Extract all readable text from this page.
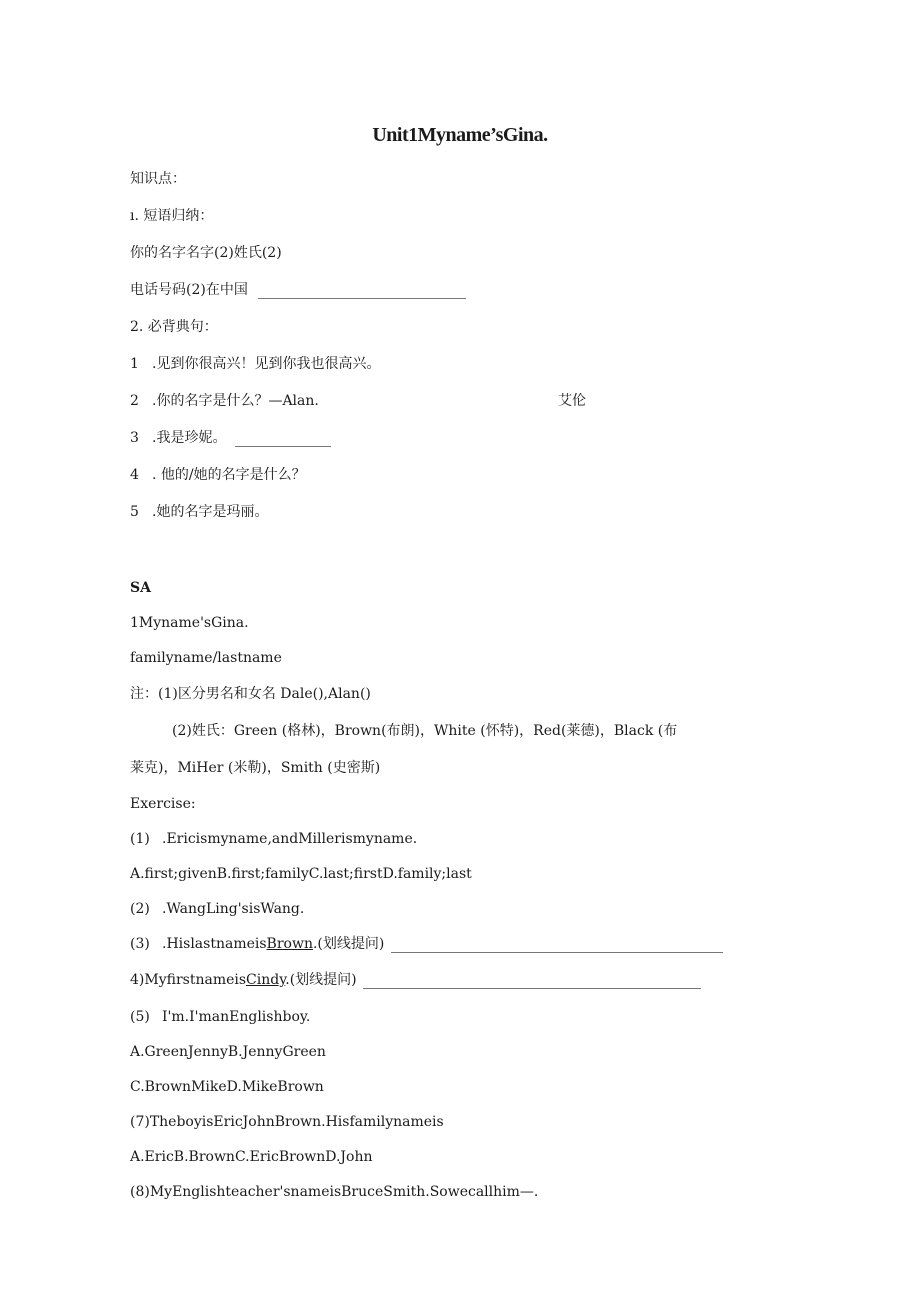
Unit1Myname’sGina.
知识点：
ı. 短语归纳：
你的名字名字(2)姓氏(2)
电话号码(2)在中国
2. 必背典句：
1 .见到你很高兴！见到你我也很高兴。
2 .你的名字是什么？—Alan.	艾伦
3 .我是珍妮。
4 . 他的/她的名字是什么？
5 .她的名字是玛丽。
SA
1Myname'sGina.
familyname/lastname
注：(1)区分男名和女名 Dale(),Alan()
(2)姓氏：Green (格林)，Brown(布朗)，White (怀特)，Red(莱德)，Black (布
莱克)，MiHer (米勒)，Smith (史密斯)
Exercise:
(1) .Ericismyname,andMillerismyname.
A.first;givenB.first;familyC.last;firstD.family;last
(2) .WangLing'sisWang.
(3) .HislastnameisBrown.(划线提问)
4)MyfirstnameisCindy.(划线提问)
(5) I'm.I'manEnglishboy.
A.GreenJennyB.JennyGreen
C.BrownMikeD.MikeBrown
(7)TheboyisEricJohnBrown.Hisfamilynameis
A.EricB.BrownC.EricBrownD.John
(8)MyEnglishteacher'snameisBruceSmith.Sowecallhim—.
